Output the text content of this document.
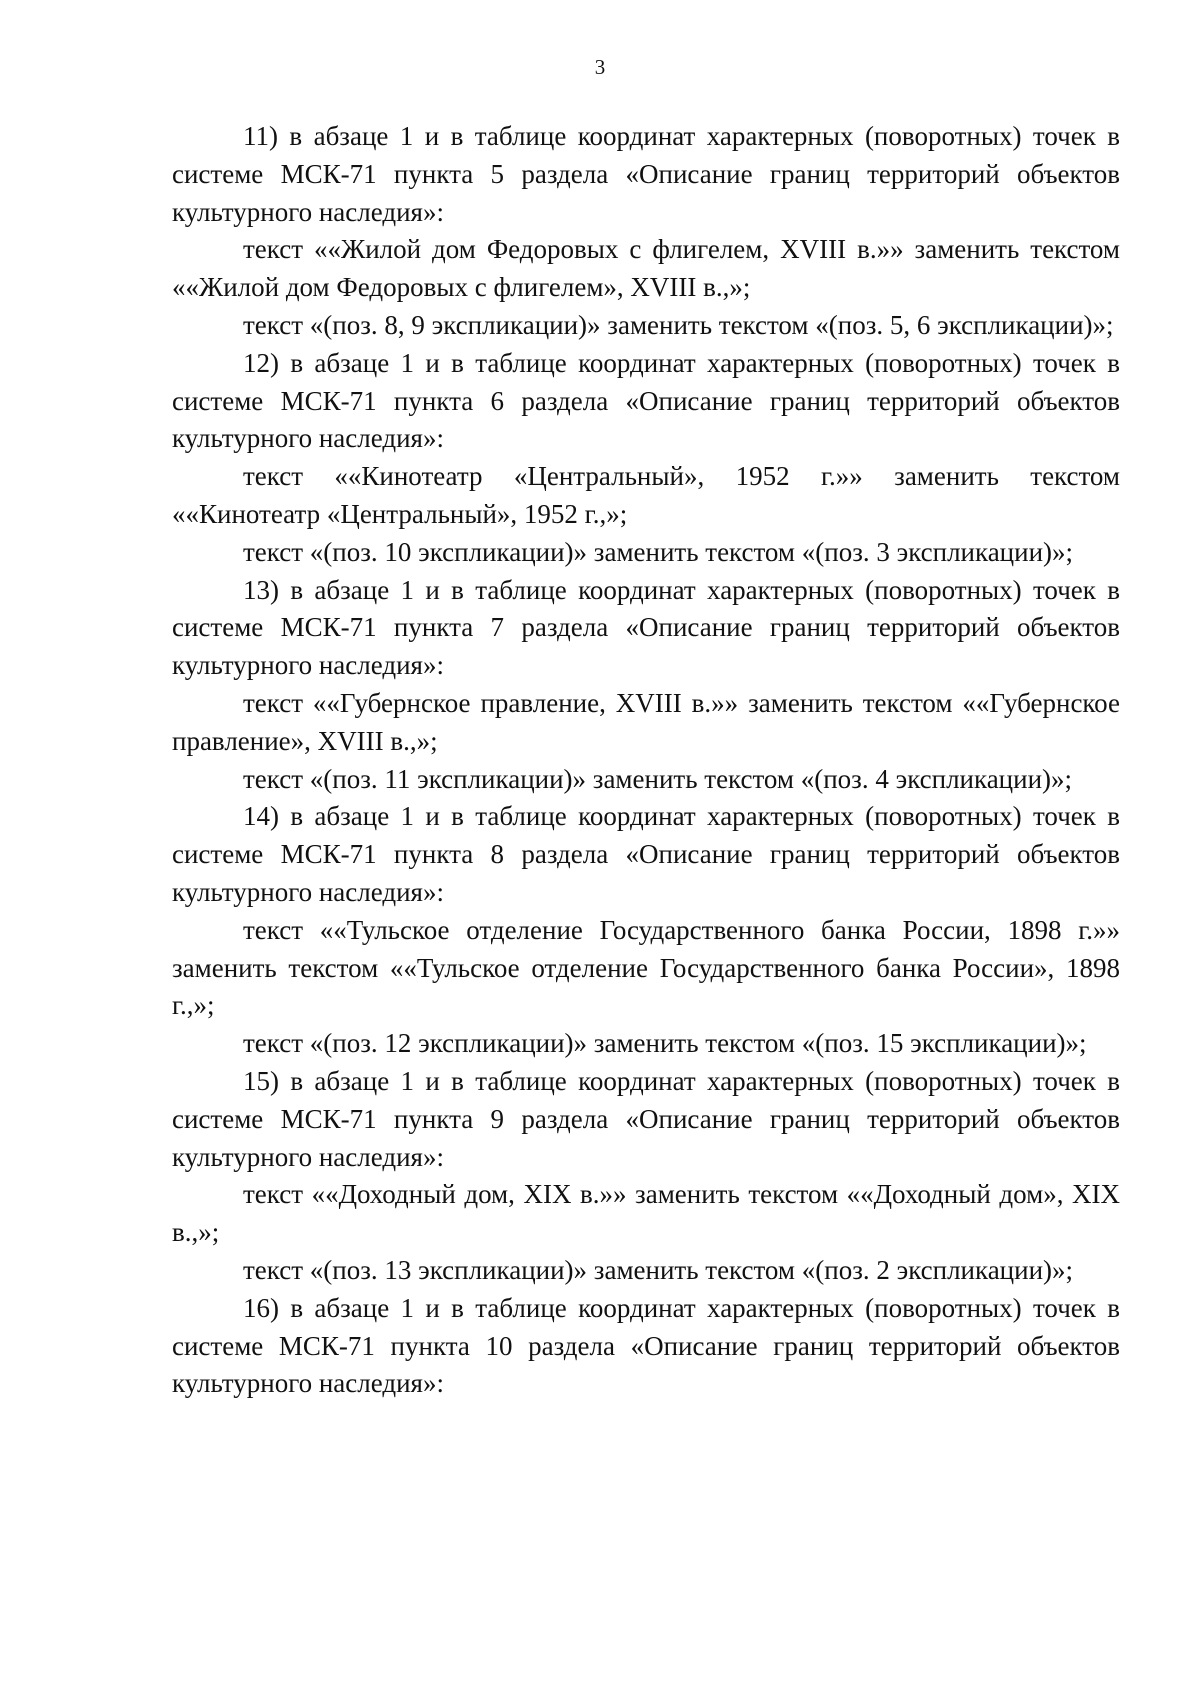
3

11) в абзаце 1 и в таблице координат характерных (поворотных) точек в системе МСК-71 пункта 5 раздела «Описание границ территорий объектов культурного наследия»:

текст ««Жилой дом Федоровых с флигелем, XVIII в.»» заменить текстом ««Жилой дом Федоровых с флигелем», XVIII в.,»;

текст «(поз. 8, 9 экспликации)» заменить текстом «(поз. 5, 6 экспликации)»;

12) в абзаце 1 и в таблице координат характерных (поворотных) точек в системе МСК-71 пункта 6 раздела «Описание границ территорий объектов культурного наследия»:

текст ««Кинотеатр «Центральный», 1952 г.»» заменить текстом ««Кинотеатр «Центральный», 1952 г.,»;

текст «(поз. 10 экспликации)» заменить текстом «(поз. 3 экспликации)»;

13) в абзаце 1 и в таблице координат характерных (поворотных) точек в системе МСК-71 пункта 7 раздела «Описание границ территорий объектов культурного наследия»:

текст ««Губернское правление, XVIII в.»» заменить текстом ««Губернское правление», XVIII в.,»;

текст «(поз. 11 экспликации)» заменить текстом «(поз. 4 экспликации)»;

14) в абзаце 1 и в таблице координат характерных (поворотных) точек в системе МСК-71 пункта 8 раздела «Описание границ территорий объектов культурного наследия»:

текст ««Тульское отделение Государственного банка России, 1898 г.»» заменить текстом ««Тульское отделение Государственного банка России», 1898 г.,»;

текст «(поз. 12 экспликации)» заменить текстом «(поз. 15 экспликации)»;

15) в абзаце 1 и в таблице координат характерных (поворотных) точек в системе МСК-71 пункта 9 раздела «Описание границ территорий объектов культурного наследия»:

текст ««Доходный дом, XIX в.»» заменить текстом ««Доходный дом», XIX в.,»;

текст «(поз. 13 экспликации)» заменить текстом «(поз. 2 экспликации)»;

16) в абзаце 1 и в таблице координат характерных (поворотных) точек в системе МСК-71 пункта 10 раздела «Описание границ территорий объектов культурного наследия»:
